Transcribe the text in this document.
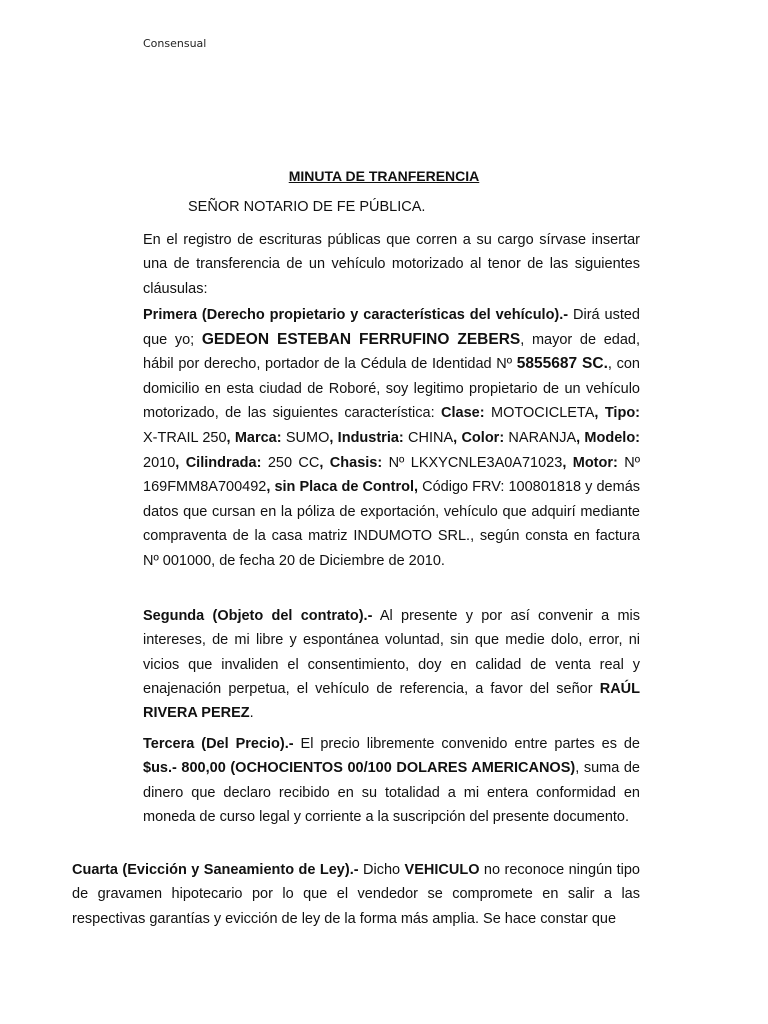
Consensual
MINUTA DE TRANFERENCIA
SEÑOR NOTARIO DE FE PÚBLICA.

En el registro de escrituras públicas que corren a su cargo sírvase insertar una de transferencia de un vehículo motorizado al tenor de las siguientes cláusulas:

Primera (Derecho propietario y características del vehículo).- Dirá usted que yo; GEDEON ESTEBAN FERRUFINO ZEBERS, mayor de edad, hábil por derecho, portador de la Cédula de Identidad Nº 5855687 SC., con domicilio en esta ciudad de Roboré, soy legitimo propietario de un vehículo motorizado, de las siguientes característica: Clase: MOTOCICLETA, Tipo: X-TRAIL 250, Marca: SUMO, Industria: CHINA, Color: NARANJA, Modelo: 2010, Cilindrada: 250 CC, Chasis: Nº LKXYCNLE3A0A71023, Motor: Nº 169FMM8A700492, sin Placa de Control, Código FRV: 100801818 y demás datos que cursan en la póliza de exportación, vehículo que adquirí mediante compraventa de la casa matriz INDUMOTO SRL., según consta en factura Nº 001000, de fecha 20 de Diciembre de 2010.

Segunda (Objeto del contrato).- Al presente y por así convenir a mis intereses, de mi libre y espontánea voluntad, sin que medie dolo, error, ni vicios que invaliden el consentimiento, doy en calidad de venta real y enajenación perpetua, el vehículo de referencia, a favor del señor RAÚL RIVERA PEREZ.

Tercera (Del Precio).- El precio libremente convenido entre partes es de $us.- 800,00 (OCHOCIENTOS 00/100 DOLARES AMERICANOS), suma de dinero que declaro recibido en su totalidad a mi entera conformidad en moneda de curso legal y corriente a la suscripción del presente documento.

Cuarta (Evicción y Saneamiento de Ley).- Dicho VEHICULO no reconoce ningún tipo de gravamen hipotecario por lo que el vendedor se compromete en salir a las respectivas garantías y evicción de ley de la forma más amplia. Se hace constar que
